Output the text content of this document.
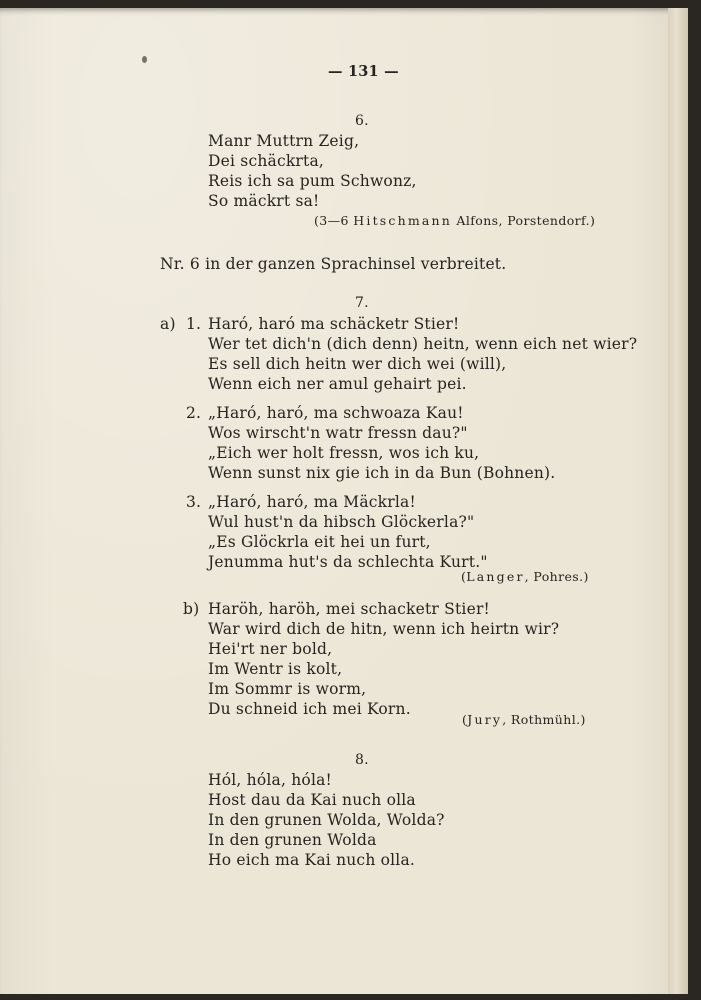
— 131 —

6.

Manr Muttrn Zeig,

Dei schäckrta,

Reis ich sa pum Schwonz,

So mäckrt sa!

(3—6 Hitschmann Alfons, Porstendorf.)

Nr. 6 in der ganzen Sprachinsel verbreitet.

7.

a) 1. Haró, haró ma schäcketr Stier!

Wer tet dich'n (dich denn) heitn, wenn eich net wier?

Es sell dich heitn wer dich wei (will),

Wenn eich ner amul gehairt pei.

2. „Haró, haró, ma schwoaza Kau!

Wos wirscht'n watr fressn dau?"

„Eich wer holt fressn, wos ich ku,

Wenn sunst nix gie ich in da Bun (Bohnen).

3. „Haró, haró, ma Mäckrla!

Wul hust'n da hibsch Glöckerla?"

„Es Glöckrla eit hei un furt,

Jenumma hut's da schlechta Kurt."

(Langer, Pohres.)

b) Haröh, haröh, mei schacketr Stier!

War wird dich de hitn, wenn ich heirtn wir?

Hei'rt ner bold,

Im Wentr is kolt,

Im Sommr is worm,

Du schneid ich mei Korn.

(Jury, Rothmühl.)

8.

Hól, hóla, hóla!

Host dau da Kai nuch olla

In den grunen Wolda, Wolda?

In den grunen Wolda

Ho eich ma Kai nuch olla.
